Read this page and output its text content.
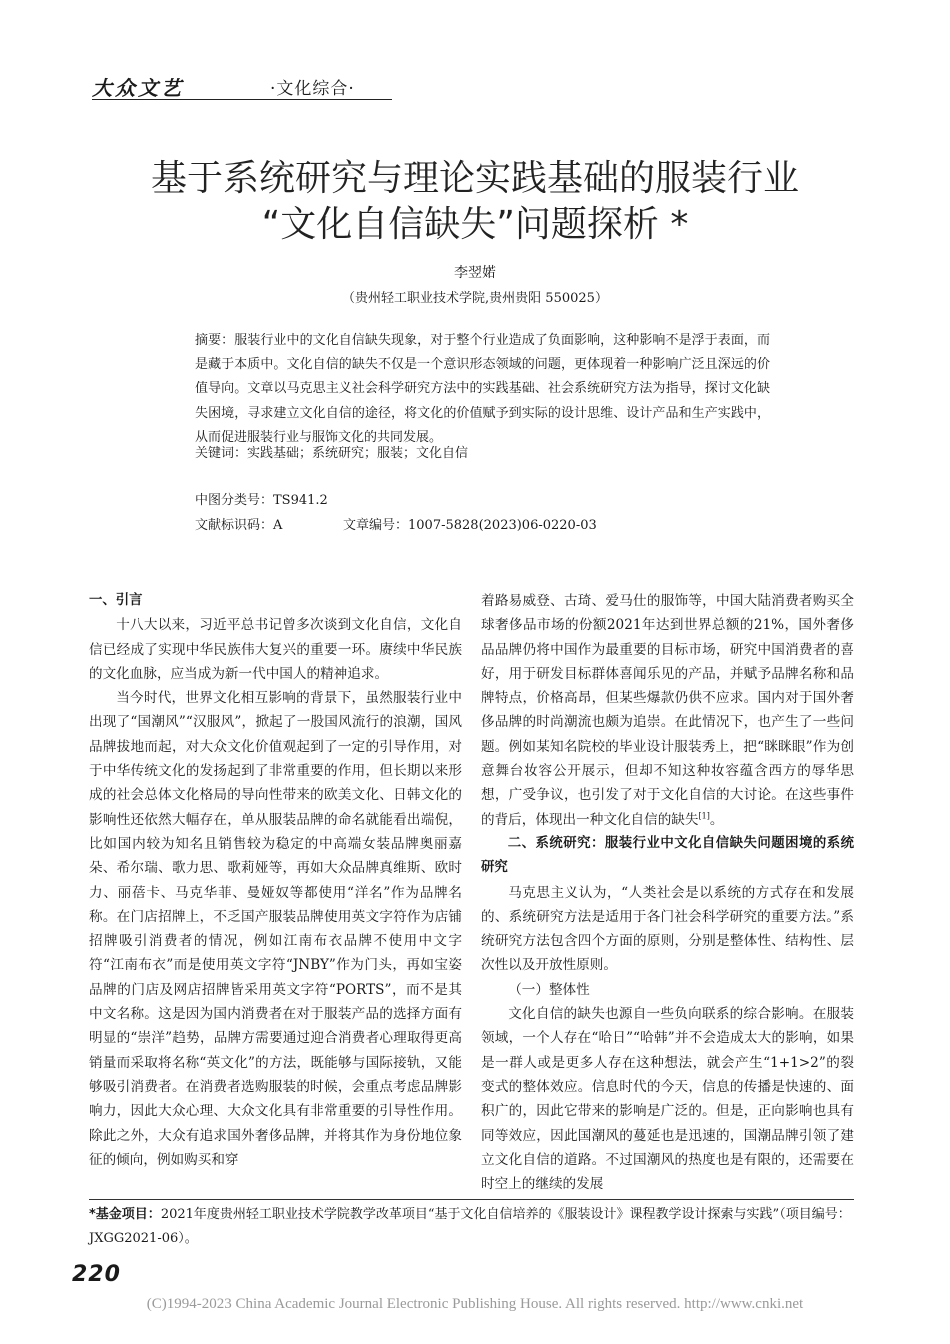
大众文艺	·文化综合·
基于系统研究与理论实践基础的服装行业
“文化自信缺失”问题探析 *
李翌婼
（贵州轻工职业技术学院,贵州贵阳 550025）
摘要：服装行业中的文化自信缺失现象，对于整个行业造成了负面影响，这种影响不是浮于表面，而是藏于本质中。文化自信的缺失不仅是一个意识形态领域的问题，更体现着一种影响广泛且深远的价值导向。文章以马克思主义社会科学研究方法中的实践基础、社会系统研究方法为指导，探讨文化缺失困境，寻求建立文化自信的途径，将文化的价值赋予到实际的设计思维、设计产品和生产实践中，从而促进服装行业与服饰文化的共同发展。
关键词：实践基础；系统研究；服装；文化自信
中图分类号：TS941.2
文献标识码：A	文章编号：1007-5828(2023)06-0220-03

一、引言

十八大以来，习近平总书记曾多次谈到文化自信，文化自信已经成了实现中华民族伟大复兴的重要一环。赓续中华民族的文化血脉，应当成为新一代中国人的精神追求。

当今时代，世界文化相互影响的背景下，虽然服装行业中出现了“国潮风”“汉服风”，掀起了一股国风流行的浪潮，国风品牌拔地而起，对大众文化价值观起到了一定的引导作用，对于中华传统文化的发扬起到了非常重要的作用，但长期以来形成的社会总体文化格局的导向性带来的欧美文化、日韩文化的影响性还依然大幅存在，单从服装品牌的命名就能看出端倪，比如国内较为知名且销售较为稳定的中高端女装品牌奥丽嘉朵、希尔瑞、歌力思、歌莉娅等，再如大众品牌真维斯、欧时力、丽蓓卡、马克华菲、曼娅奴等都使用“洋名”作为品牌名称。在门店招牌上，不乏国产服装品牌使用英文字符作为店铺招牌吸引消费者的情况，例如江南布衣品牌不使用中文字符“江南布衣”而是使用英文字符“JNBY”作为门头，再如宝姿品牌的门店及网店招牌皆采用英文字符“PORTS”，而不是其中文名称。这是因为国内消费者在对于服装产品的选择方面有明显的“崇洋”趋势，品牌方需要通过迎合消费者心理取得更高销量而采取将名称“英文化”的方法，既能够与国际接轨，又能够吸引消费者。在消费者选购服装的时候，会重点考虑品牌影响力，因此大众心理、大众文化具有非常重要的引导性作用。除此之外，大众有追求国外奢侈品牌，并将其作为身份地位象征的倾向，例如购买和穿

着路易威登、古琦、爱马仕的服饰等，中国大陆消费者购买全球奢侈品市场的份额2021年达到世界总额的21%，国外奢侈品品牌仍将中国作为最重要的目标市场，研究中国消费者的喜好，用于研发目标群体喜闻乐见的产品，并赋予品牌名称和品牌特点，价格高昂，但某些爆款仍供不应求。国内对于国外奢侈品牌的时尚潮流也颇为追崇。在此情况下，也产生了一些问题。例如某知名院校的毕业设计服装秀上，把“眯眯眼”作为创意舞台妆容公开展示，但却不知这种妆容蕴含西方的辱华思想，广受争议，也引发了对于文化自信的大讨论。在这些事件的背后，体现出一种文化自信的缺失[1]。

二、系统研究：服装行业中文化自信缺失问题困境的系统研究

马克思主义认为，“人类社会是以系统的方式存在和发展的、系统研究方法是适用于各门社会科学研究的重要方法。”系统研究方法包含四个方面的原则，分别是整体性、结构性、层次性以及开放性原则。

（一）整体性

文化自信的缺失也源自一些负向联系的综合影响。在服装领域，一个人存在“哈日”“哈韩”并不会造成太大的影响，如果是一群人或是更多人存在这种想法，就会产生“1+1>2”的裂变式的整体效应。信息时代的今天，信息的传播是快速的、面积广的，因此它带来的影响是广泛的。但是，正向影响也具有同等效应，因此国潮风的蔓延也是迅速的，国潮品牌引领了建立文化自信的道路。不过国潮风的热度也是有限的，还需要在时空上的继续的发展

*基金项目：2021年度贵州轻工职业技术学院教学改革项目“基于文化自信培养的《服装设计》课程教学设计探索与实践”（项目编号：JXGG2021-06）。
220
(C)1994-2023 China Academic Journal Electronic Publishing House. All rights reserved. http://www.cnki.net
